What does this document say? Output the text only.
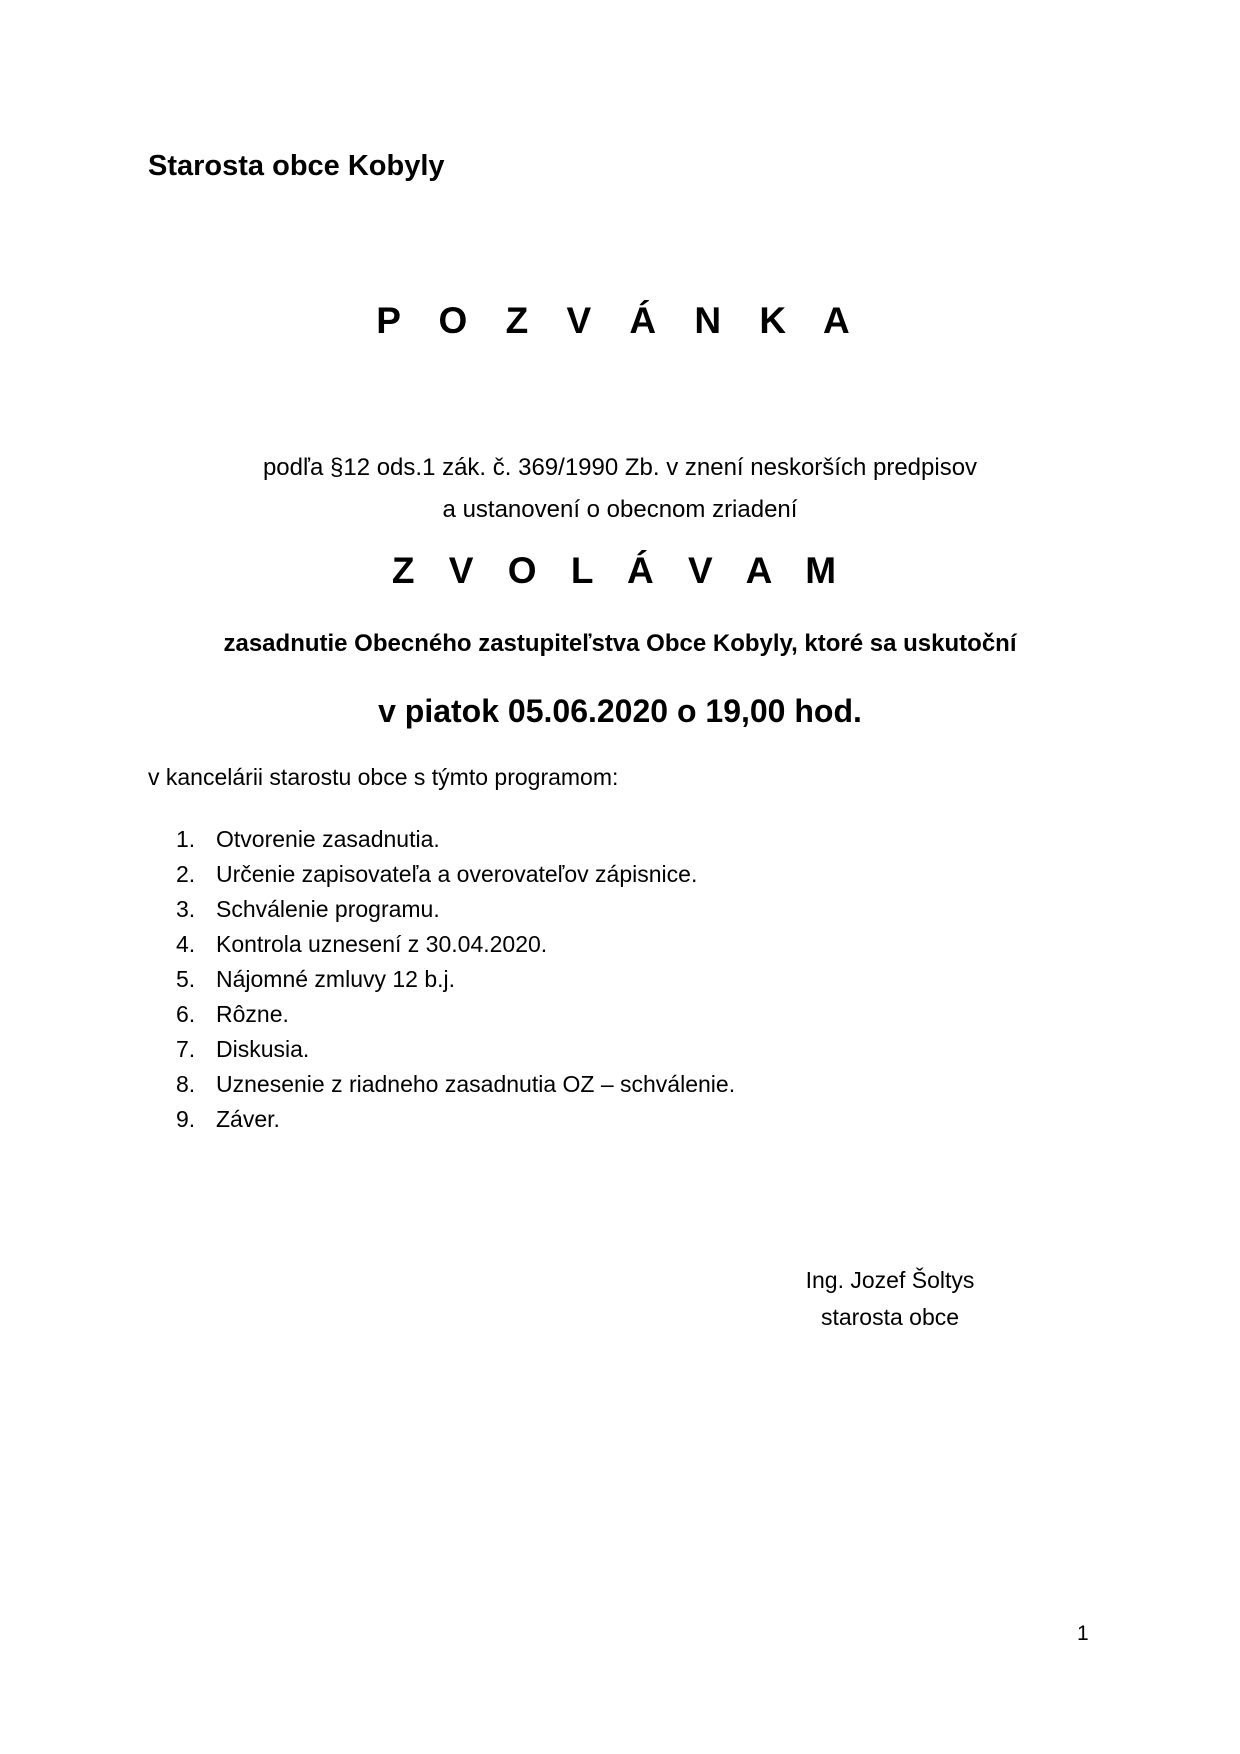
Starosta obce Kobyly
P O Z V Á N K A
podľa §12 ods.1 zák. č. 369/1990 Zb. v znení neskorších predpisov
a ustanovení o obecnom zriadení
Z V O L Á V A M
zasadnutie Obecného zastupiteľstva Obce Kobyly, ktoré sa uskutoční
v piatok 05.06.2020 o 19,00 hod.
v kancelárii starostu obce s týmto programom:
1. Otvorenie zasadnutia.
2. Určenie zapisovateľa a overovateľov zápisnice.
3. Schválenie programu.
4. Kontrola uznesení z 30.04.2020.
5. Nájomné zmluvy 12 b.j.
6. Rôzne.
7. Diskusia.
8. Uznesenie z riadneho zasadnutia OZ – schválenie.
9. Záver.
Ing. Jozef Šoltys
starosta obce
1
